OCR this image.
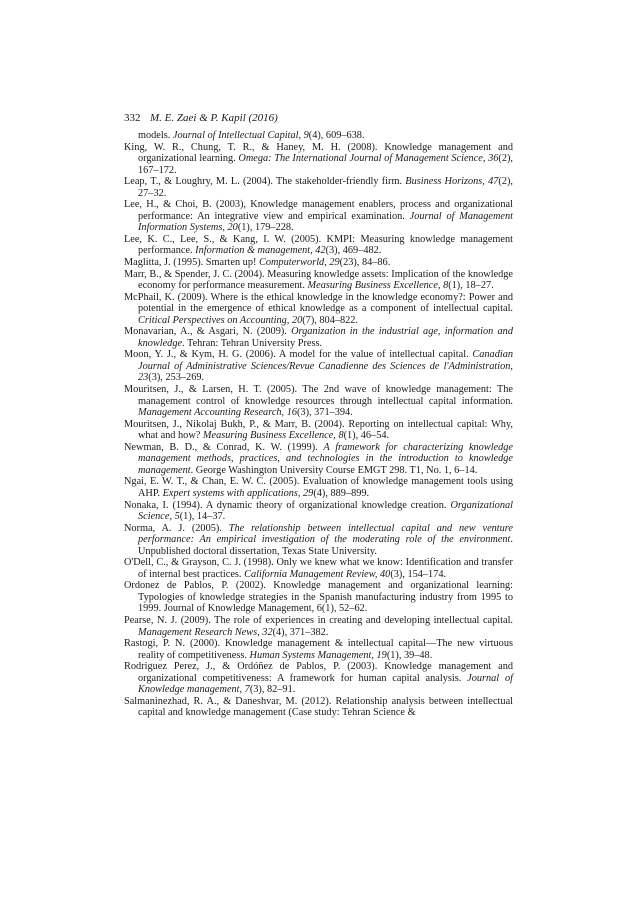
332 M. E. Zaei & P. Kapil (2016)

models. Journal of Intellectual Capital, 9(4), 609–638.

King, W. R., Chung, T. R., & Haney, M. H. (2008). Knowledge management and organizational learning. Omega: The International Journal of Management Science, 36(2), 167–172.

Leap, T., & Loughry, M. L. (2004). The stakeholder-friendly firm. Business Horizons, 47(2), 27–32.

Lee, H., & Choi, B. (2003), Knowledge management enablers, process and organizational performance: An integrative view and empirical examination. Journal of Management Information Systems, 20(1), 179–228.

Lee, K. C., Lee, S., & Kang, I. W. (2005). KMPI: Measuring knowledge management performance. Information & management, 42(3), 469–482.

Maglitta, J. (1995). Smarten up! Computerworld, 29(23), 84–86.

Marr, B., & Spender, J. C. (2004). Measuring knowledge assets: Implication of the knowledge economy for performance measurement. Measuring Business Excellence, 8(1), 18–27.

McPhail, K. (2009). Where is the ethical knowledge in the knowledge economy?: Power and potential in the emergence of ethical knowledge as a component of intellectual capital. Critical Perspectives on Accounting, 20(7), 804–822.

Monavarian, A., & Asgari, N. (2009). Organization in the industrial age, information and knowledge. Tehran: Tehran University Press.

Moon, Y. J., & Kym, H. G. (2006). A model for the value of intellectual capital. Canadian Journal of Administrative Sciences/Revue Canadienne des Sciences de l'Administration, 23(3), 253–269.

Mouritsen, J., & Larsen, H. T. (2005). The 2nd wave of knowledge management: The management control of knowledge resources through intellectual capital information. Management Accounting Research, 16(3), 371–394.

Mouritsen, J., Nikolaj Bukh, P., & Marr, B. (2004). Reporting on intellectual capital: Why, what and how? Measuring Business Excellence, 8(1), 46–54.

Newman, B. D., & Conrad, K. W. (1999). A framework for characterizing knowledge management methods, practices, and technologies in the introduction to knowledge management. George Washington University Course EMGT 298. T1, No. 1, 6–14.

Ngai, E. W. T., & Chan, E. W. C. (2005). Evaluation of knowledge management tools using AHP. Expert systems with applications, 29(4), 889–899.

Nonaka, I. (1994). A dynamic theory of organizational knowledge creation. Organizational Science, 5(1), 14–37.

Norma, A. J. (2005). The relationship between intellectual capital and new venture performance: An empirical investigation of the moderating role of the environment. Unpublished doctoral dissertation, Texas State University.

O'Dell, C., & Grayson, C. J. (1998). Only we knew what we know: Identification and transfer of internal best practices. California Management Review, 40(3), 154–174.

Ordonez de Pablos, P. (2002). Knowledge management and organizational learning: Typologies of knowledge strategies in the Spanish manufacturing industry from 1995 to 1999. Journal of Knowledge Management, 6(1), 52–62.

Pearse, N. J. (2009). The role of experiences in creating and developing intellectual capital. Management Research News, 32(4), 371–382.

Rastogi, P. N. (2000). Knowledge management & intellectual capital—The new virtuous reality of competitiveness. Human Systems Management, 19(1), 39–48.

Rodriguez Perez, J., & Ordóñez de Pablos, P. (2003). Knowledge management and organizational competitiveness: A framework for human capital analysis. Journal of Knowledge management, 7(3), 82–91.

Salmaninezhad, R. A., & Daneshvar, M. (2012). Relationship analysis between intellectual capital and knowledge management (Case study: Tehran Science &
